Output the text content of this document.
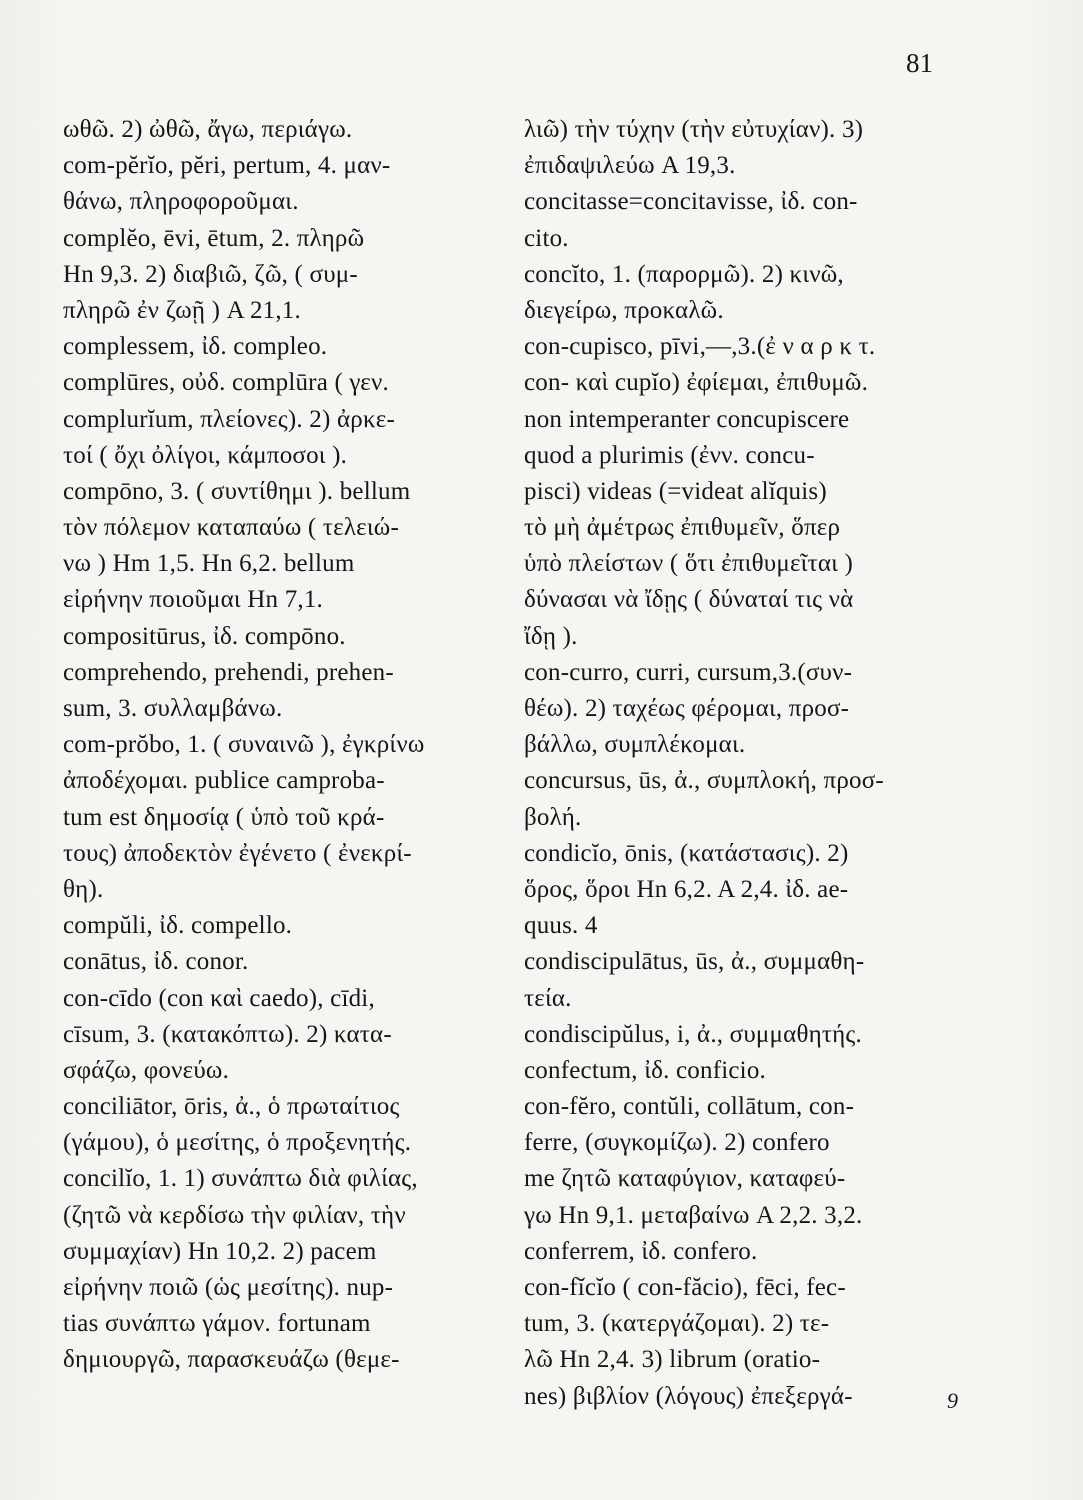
81
ωθῶ. 2) ὠθῶ, ἄγω, περιάγω.
com-pĕrĭo, pĕri, pertum, 4. μαν-
θάνω, πληροφοροῦμαι.
complĕo, ēvi, ētum, 2. πληρῶ
Hn 9,3. 2) διαβιῶ, ζῶ, ( συμ-
πληρῶ ἐν ζωῇ ) A 21,1.
complessem, ἰδ. compleo.
complūres, οὐδ. complūra ( γεν.
complurĭum, πλείονες). 2) ἀρκε-
τοί ( ὄχι ὀλίγοι, κάμποσοι ).
compōno, 3. ( συντίθημι ). bellum
τὸν πόλεμον καταπαύω ( τελειώ-
νω ) Hm 1,5. Hn 6,2. bellum
εἰρήνην ποιοῦμαι Hn 7,1.
compositūrus, ἰδ. compōno.
comprehendo, prehendi, prehen-
sum, 3. συλλαμβάνω.
com-prŏbo, 1. ( συναινῶ ), ἐγκρίνω
ἀποδέχομαι. publice camproba-
tum est δημοσίᾳ ( ὑπὸ τοῦ κρά-
τους) ἀποδεκτὸν ἐγένετο ( ἐνεκρί-
θη).
compŭli, ἰδ. compello.
conātus, ἰδ. conor.
con-cīdo (con καὶ caedo), cīdi,
cīsum, 3. (κατακόπτω). 2) κατα-
σφάζω, φονεύω.
conciliātor, ōris, ἀ., ὁ πρωταίτιος
(γάμου), ὁ μεσίτης, ὁ προξενητής.
concilĭo, 1. 1) συνάπτω διὰ φιλίας,
(ζητῶ νὰ κερδίσω τὴν φιλίαν, τὴν
συμμαχίαν) Hn 10,2. 2) pacem
εἰρήνην ποιῶ (ὡς μεσίτης). nup-
tias συνάπτω γάμον. fortunam
δημιουργῶ, παρασκευάζω (θεμε-
λιῶ) τὴν τύχην (τὴν εὐτυχίαν). 3)
ἐπιδαψιλεύω A 19,3.
concitasse=concitavisse, ἰδ. con-
cito.
concĭto, 1. (παρορμῶ). 2) κινῶ,
διεγείρω, προκαλῶ.
con-cupisco, pīvi,—,3.(ἐ ν α ρ κ τ.
con- καὶ cupĭo) ἐφίεμαι, ἐπιθυμῶ.
non intemperanter concupiscere
quod a plurimis (ἐνν. concu-
pisci) videas (=videat alĭquis)
τὸ μὴ ἀμέτρως ἐπιθυμεῖν, ὅπερ
ὑπὸ πλείστων ( ὅτι ἐπιθυμεῖται )
δύνασαι νὰ ἴδῃς ( δύναταί τις νὰ
ἴδῃ ).
con-curro, curri, cursum,3.(συν-
θέω). 2) ταχέως φέρομαι, προσ-
βάλλω, συμπλέκομαι.
concursus, ūs, ἀ., συμπλοκή, προσ-
βολή.
condicĭo, ōnis, (κατάστασις). 2)
ὅρος, ὅροι Hn 6,2. A 2,4. ἰδ. ae-
quus. 4
condiscipulātus, ūs, ἀ., συμμαθη-
τεία.
condiscipŭlus, i, ἀ., συμμαθητής.
confectum, ἰδ. conficio.
con-fĕro, contŭli, collātum, con-
ferre, (συγκομίζω). 2) confero
me ζητῶ καταφύγιον, καταφεύ-
γω Hn 9,1. μεταβαίνω A 2,2. 3,2.
conferrem, ἰδ. confero.
con-fĭcĭo ( con-făcio), fēci, fec-
tum, 3. (κατεργάζομαι). 2) τε-
λῶ Hn 2,4. 3) librum (oratio-
nes) βιβλίον (λόγους) ἐπεξεργά-	9
